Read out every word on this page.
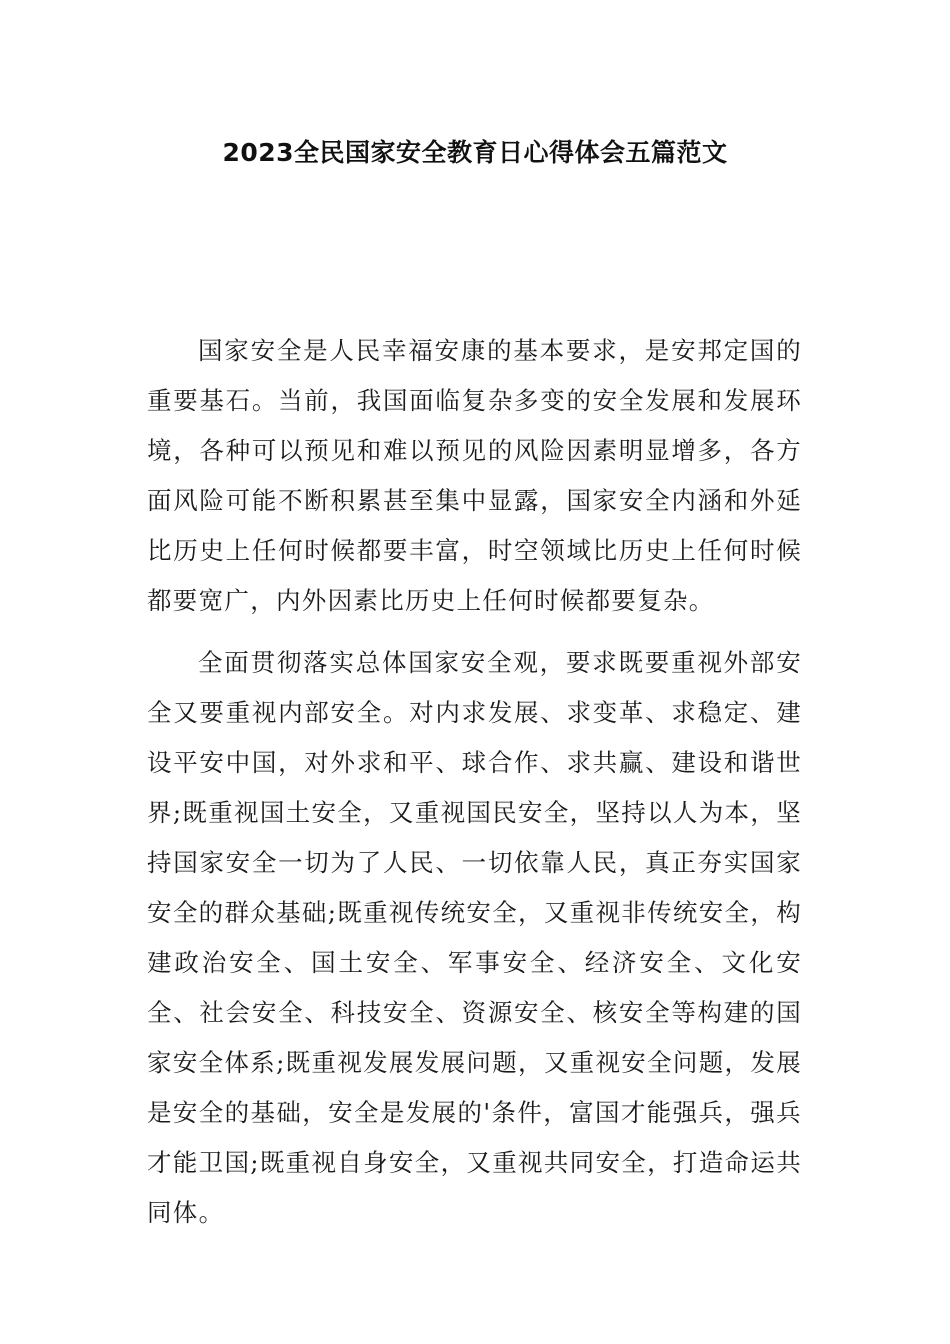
2023全民国家安全教育日心得体会五篇范文

国家安全是人民幸福安康的基本要求，是安邦定国的重要基石。当前，我国面临复杂多变的安全发展和发展环境，各种可以预见和难以预见的风险因素明显增多，各方面风险可能不断积累甚至集中显露，国家安全内涵和外延比历史上任何时候都要丰富，时空领域比历史上任何时候都要宽广，内外因素比历史上任何时候都要复杂。

全面贯彻落实总体国家安全观，要求既要重视外部安全又要重视内部安全。对内求发展、求变革、求稳定、建设平安中国，对外求和平、球合作、求共赢、建设和谐世界;既重视国土安全，又重视国民安全，坚持以人为本，坚持国家安全一切为了人民、一切依靠人民，真正夯实国家安全的群众基础;既重视传统安全，又重视非传统安全，构建政治安全、国土安全、军事安全、经济安全、文化安全、社会安全、科技安全、资源安全、核安全等构建的国家安全体系;既重视发展发展问题，又重视安全问题，发展是安全的基础，安全是发展的'条件，富国才能强兵，强兵才能卫国;既重视自身安全，又重视共同安全，打造命运共同体。
